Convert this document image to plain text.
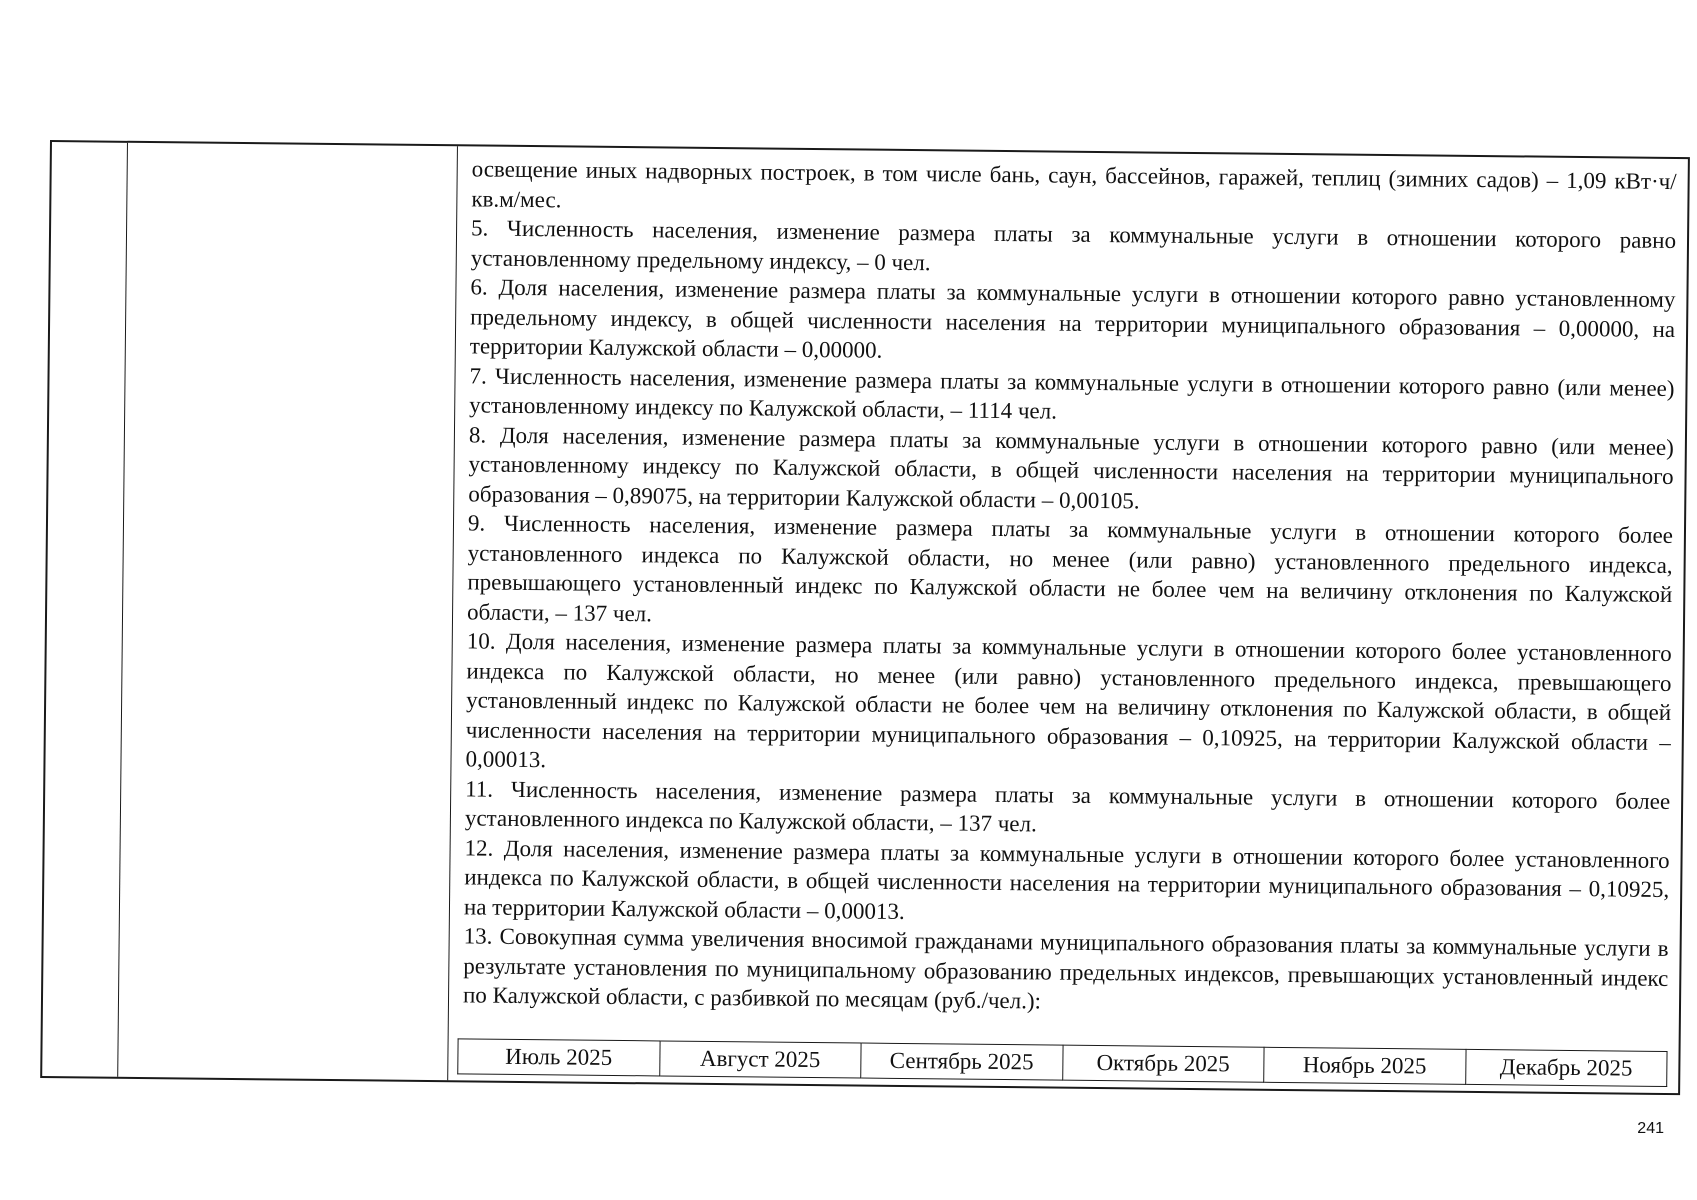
освещение иных надворных построек, в том числе бань, саун, бассейнов, гаражей, теплиц (зимних садов) – 1,09 кВт·ч/кв.м/мес.

5. Численность населения, изменение размера платы за коммунальные услуги в отношении которого равно установленному предельному индексу, – 0 чел.

6. Доля населения, изменение размера платы за коммунальные услуги в отношении которого равно установленному предельному индексу, в общей численности населения на территории муниципального образования – 0,00000, на территории Калужской области – 0,00000.

7. Численность населения, изменение размера платы за коммунальные услуги в отношении которого равно (или менее) установленному индексу по Калужской области, – 1114 чел.

8. Доля населения, изменение размера платы за коммунальные услуги в отношении которого равно (или менее) установленному индексу по Калужской области, в общей численности населения на территории муниципального образования – 0,89075, на территории Калужской области – 0,00105.

9. Численность населения, изменение размера платы за коммунальные услуги в отношении которого более установленного индекса по Калужской области, но менее (или равно) установленного предельного индекса, превышающего установленный индекс по Калужской области не более чем на величину отклонения по Калужской области, – 137 чел.

10. Доля населения, изменение размера платы за коммунальные услуги в отношении которого более установленного индекса по Калужской области, но менее (или равно) установленного предельного индекса, превышающего установленный индекс по Калужской области не более чем на величину отклонения по Калужской области, в общей численности населения на территории муниципального образования – 0,10925, на территории Калужской области – 0,00013.

11. Численность населения, изменение размера платы за коммунальные услуги в отношении которого более установленного индекса по Калужской области, – 137 чел.

12. Доля населения, изменение размера платы за коммунальные услуги в отношении которого более установленного индекса по Калужской области, в общей численности населения на территории муниципального образования – 0,10925, на территории Калужской области – 0,00013.

13. Совокупная сумма увеличения вносимой гражданами муниципального образования платы за коммунальные услуги в результате установления по муниципальному образованию предельных индексов, превышающих установленный индекс по Калужской области, с разбивкой по месяцам (руб./чел.):

Июль 2025	Август 2025	Сентябрь 2025	Октябрь 2025	Ноябрь 2025	Декабрь 2025
241
